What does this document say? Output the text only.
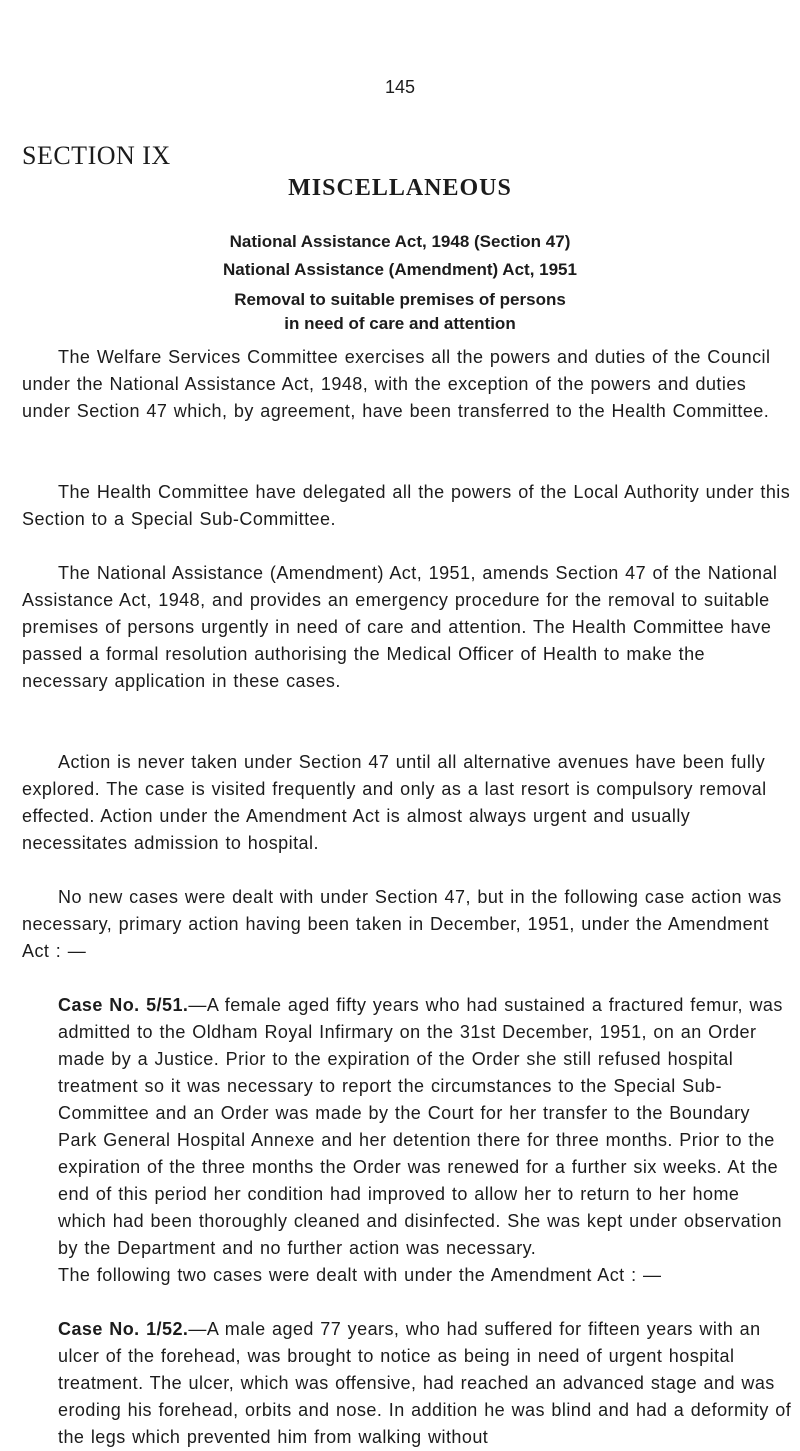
145
SECTION IX
MISCELLANEOUS
National Assistance Act, 1948 (Section 47)
National Assistance (Amendment) Act, 1951
Removal to suitable premises of persons
in need of care and attention

The Welfare Services Committee exercises all the powers and duties of the Council under the National Assistance Act, 1948, with the exception of the powers and duties under Section 47 which, by agreement, have been transferred to the Health Committee.

The Health Committee have delegated all the powers of the Local Authority under this Section to a Special Sub-Committee.

The National Assistance (Amendment) Act, 1951, amends Section 47 of the National Assistance Act, 1948, and provides an emergency procedure for the removal to suitable premises of persons urgently in need of care and attention. The Health Committee have passed a formal resolution authorising the Medical Officer of Health to make the necessary application in these cases.

Action is never taken under Section 47 until all alternative avenues have been fully explored. The case is visited frequently and only as a last resort is compulsory removal effected. Action under the Amendment Act is almost always urgent and usually necessitates admission to hospital.

No new cases were dealt with under Section 47, but in the following case action was necessary, primary action having been taken in December, 1951, under the Amendment Act : —

Case No. 5/51.—A female aged fifty years who had sustained a fractured femur, was admitted to the Oldham Royal Infirmary on the 31st December, 1951, on an Order made by a Justice. Prior to the expiration of the Order she still refused hospital treatment so it was necessary to report the circumstances to the Special Sub-Committee and an Order was made by the Court for her transfer to the Boundary Park General Hospital Annexe and her detention there for three months. Prior to the expiration of the three months the Order was renewed for a further six weeks. At the end of this period her condition had improved to allow her to return to her home which had been thoroughly cleaned and disinfected. She was kept under observation by the Department and no further action was necessary.

The following two cases were dealt with under the Amendment Act : —

Case No. 1/52.—A male aged 77 years, who had suffered for fifteen years with an ulcer of the forehead, was brought to notice as being in need of urgent hospital treatment. The ulcer, which was offensive, had reached an advanced stage and was eroding his forehead, orbits and nose. In addition he was blind and had a deformity of the legs which prevented him from walking without
